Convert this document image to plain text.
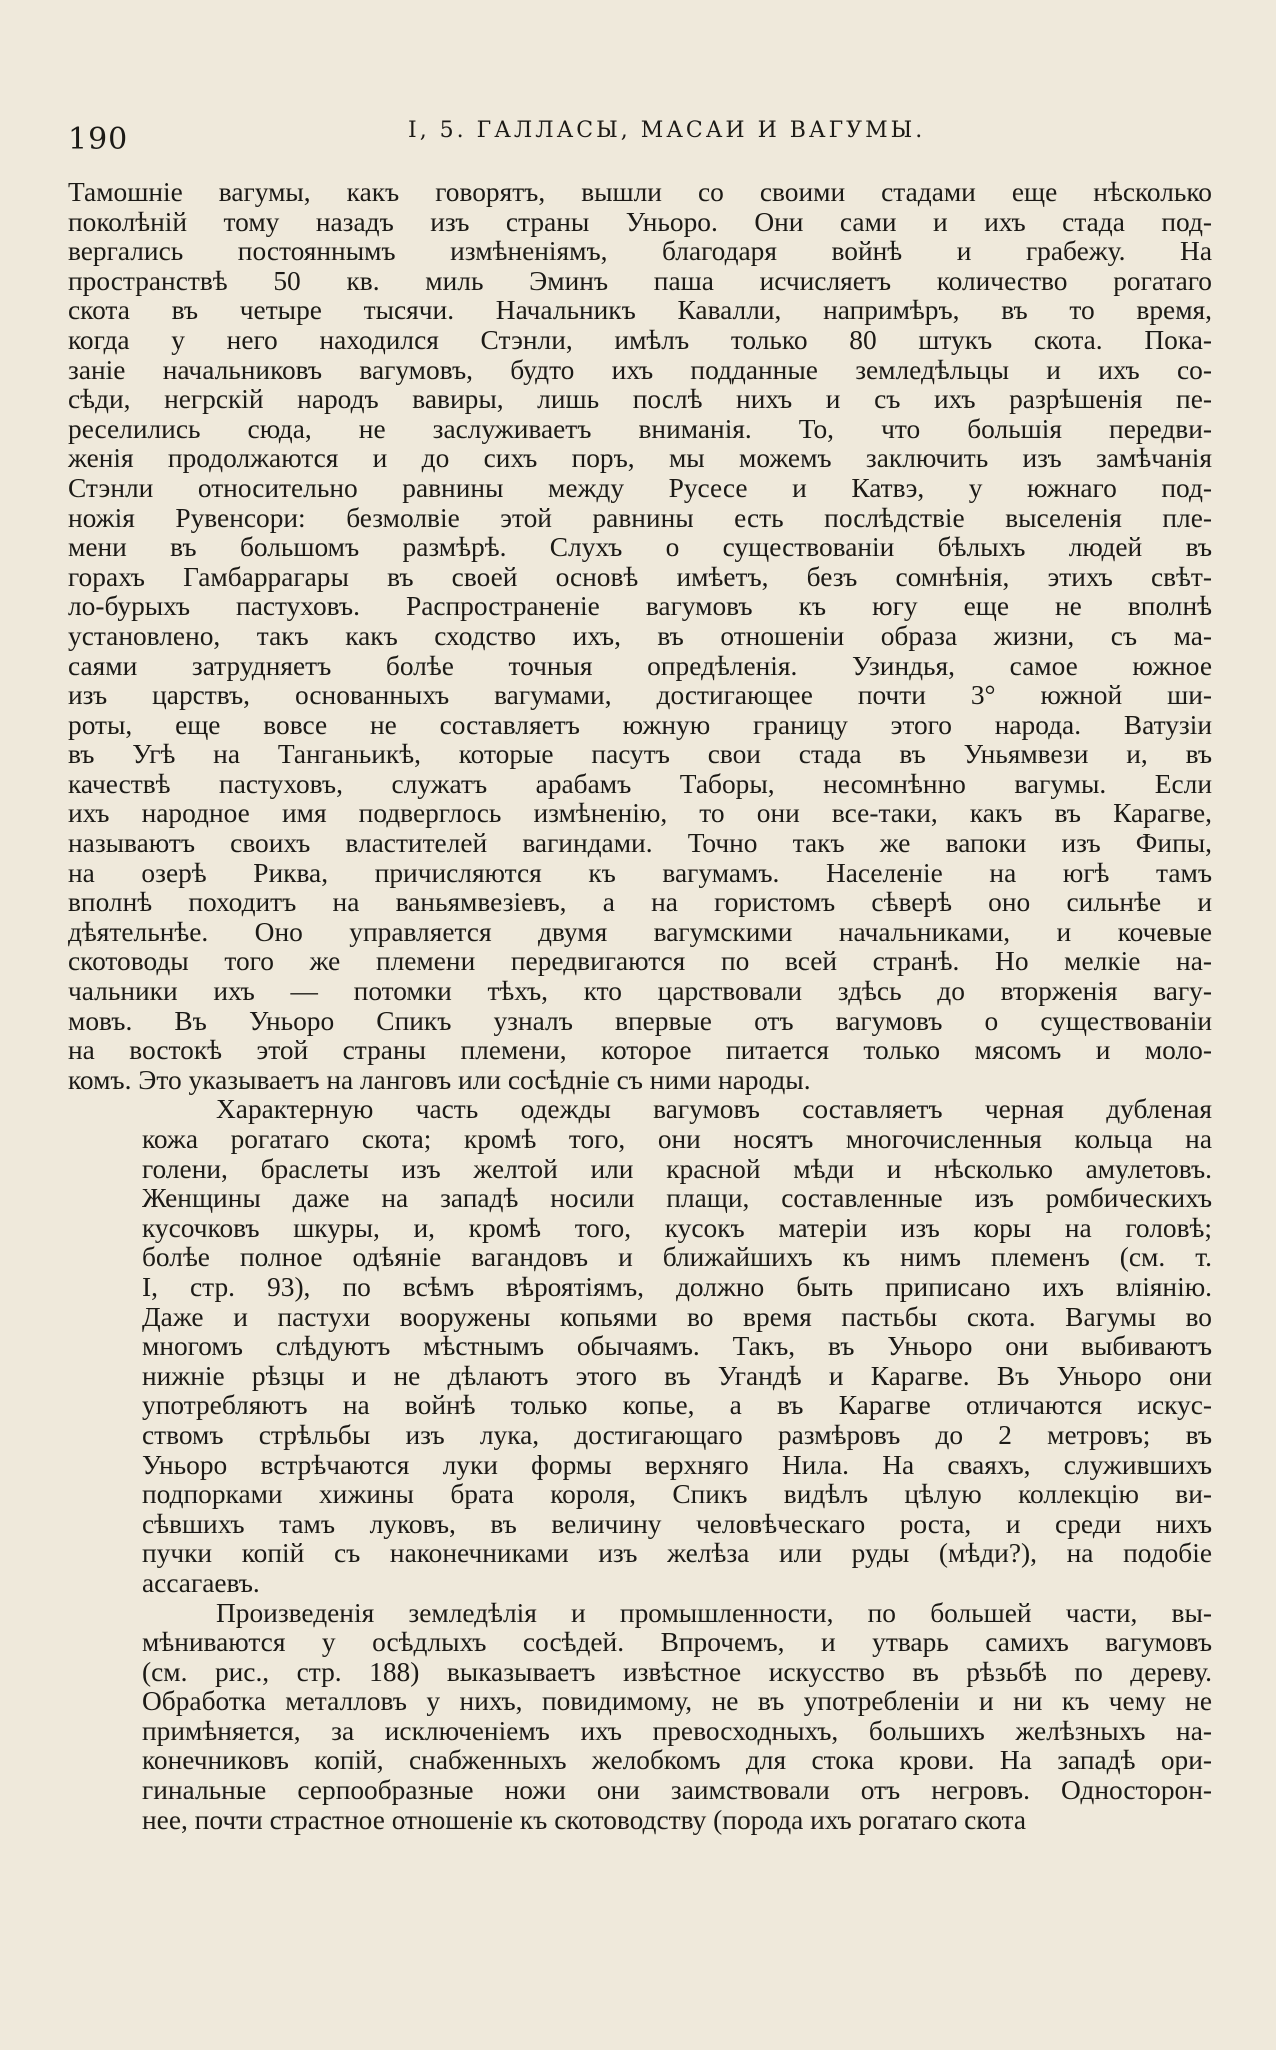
190	I, 5. ГАЛЛАСЫ, МАСАИ И ВАГУМЫ.
Тамошніе вагумы, какъ говорятъ, вышли со своими стадами еще нѣсколько
поколѣній тому назадъ изъ страны Уньоро. Они сами и ихъ стада под-
вергались постояннымъ измѣненіямъ, благодаря войнѣ и грабежу. На
пространствѣ 50 кв. миль Эминъ паша исчисляетъ количество рогатаго
скота въ четыре тысячи. Начальникъ Кавалли, напримѣръ, въ то время,
когда у него находился Стэнли, имѣлъ только 80 штукъ скота. Пока-
заніе начальниковъ вагумовъ, будто ихъ подданные земледѣльцы и ихъ со-
сѣди, негрскій народъ вавиры, лишь послѣ нихъ и съ ихъ разрѣшенія пе-
реселились сюда, не заслуживаетъ вниманія. То, что большія передви-
женія продолжаются и до сихъ поръ, мы можемъ заключить изъ замѣчанія
Стэнли относительно равнины между Русесе и Катвэ, у южнаго под-
ножія Рувенсори: безмолвіе этой равнины есть послѣдствіе выселенія пле-
мени въ большомъ размѣрѣ. Слухъ о существованіи бѣлыхъ людей въ
горахъ Гамбаррагары въ своей основѣ имѣетъ, безъ сомнѣнія, этихъ свѣт-
ло-бурыхъ пастуховъ. Распространеніе вагумовъ къ югу еще не вполнѣ
установлено, такъ какъ сходство ихъ, въ отношеніи образа жизни, съ ма-
саями затрудняетъ болѣе точныя опредѣленія. Узиндья, самое южное
изъ царствъ, основанныхъ вагумами, достигающее почти 3° южной ши-
роты, еще вовсе не составляетъ южную границу этого народа. Ватузіи
въ Угѣ на Танганьикѣ, которые пасутъ свои стада въ Уньямвези и, въ
качествѣ пастуховъ, служатъ арабамъ Таборы, несомнѣнно вагумы. Если
ихъ народное имя подверглось измѣненію, то они все-таки, какъ въ Карагве,
называютъ своихъ властителей вагиндами. Точно такъ же вапоки изъ Фипы,
на озерѣ Риква, причисляются къ вагумамъ. Населеніе на югѣ тамъ
вполнѣ походитъ на ваньямвезіевъ, а на гористомъ сѣверѣ оно сильнѣе и
дѣятельнѣе. Оно управляется двумя вагумскими начальниками, и кочевые
скотоводы того же племени передвигаются по всей странѣ. Но мелкіе на-
чальники ихъ — потомки тѣхъ, кто царствовали здѣсь до вторженія вагу-
мовъ. Въ Уньоро Спикъ узналъ впервые отъ вагумовъ о существованіи
на востокѣ этой страны племени, которое питается только мясомъ и моло-
комъ. Это указываетъ на ланговъ или сосѣдніе съ ними народы.
Характерную часть одежды вагумовъ составляетъ черная дубленая
кожа рогатаго скота; кромѣ того, они носятъ многочисленныя кольца на
голени, браслеты изъ желтой или красной мѣди и нѣсколько амулетовъ.
Женщины даже на западѣ носили плащи, составленные изъ ромбическихъ
кусочковъ шкуры, и, кромѣ того, кусокъ матеріи изъ коры на головѣ;
болѣе полное одѣяніе вагандовъ и ближайшихъ къ нимъ племенъ (см. т.
I, стр. 93), по всѣмъ вѣроятіямъ, должно быть приписано ихъ вліянію.
Даже и пастухи вооружены копьями во время пастьбы скота. Вагумы во
многомъ слѣдуютъ мѣстнымъ обычаямъ. Такъ, въ Уньоро они выбиваютъ
нижніе рѣзцы и не дѣлаютъ этого въ Угандѣ и Карагве. Въ Уньоро они
употребляютъ на войнѣ только копье, а въ Карагве отличаются искус-
ствомъ стрѣльбы изъ лука, достигающаго размѣровъ до 2 метровъ; въ
Уньоро встрѣчаются луки формы верхняго Нила. На сваяхъ, служившихъ
подпорками хижины брата короля, Спикъ видѣлъ цѣлую коллекцію ви-
сѣвшихъ тамъ луковъ, въ величину человѣческаго роста, и среди нихъ
пучки копій съ наконечниками изъ желѣза или руды (мѣди?), на подобіе
ассагаевъ.
Произведенія земледѣлія и промышленности, по большей части, вы-
мѣниваются у осѣдлыхъ сосѣдей. Впрочемъ, и утварь самихъ вагумовъ
(см. рис., стр. 188) выказываетъ извѣстное искусство въ рѣзьбѣ по дереву.
Обработка металловъ у нихъ, повидимому, не въ употребленіи и ни къ чему не
примѣняется, за исключеніемъ ихъ превосходныхъ, большихъ желѣзныхъ на-
конечниковъ копій, снабженныхъ желобкомъ для стока крови. На западѣ ори-
гинальные серпообразные ножи они заимствовали отъ негровъ. Односторон-
нее, почти страстное отношеніе къ скотоводству (порода ихъ рогатаго скота
